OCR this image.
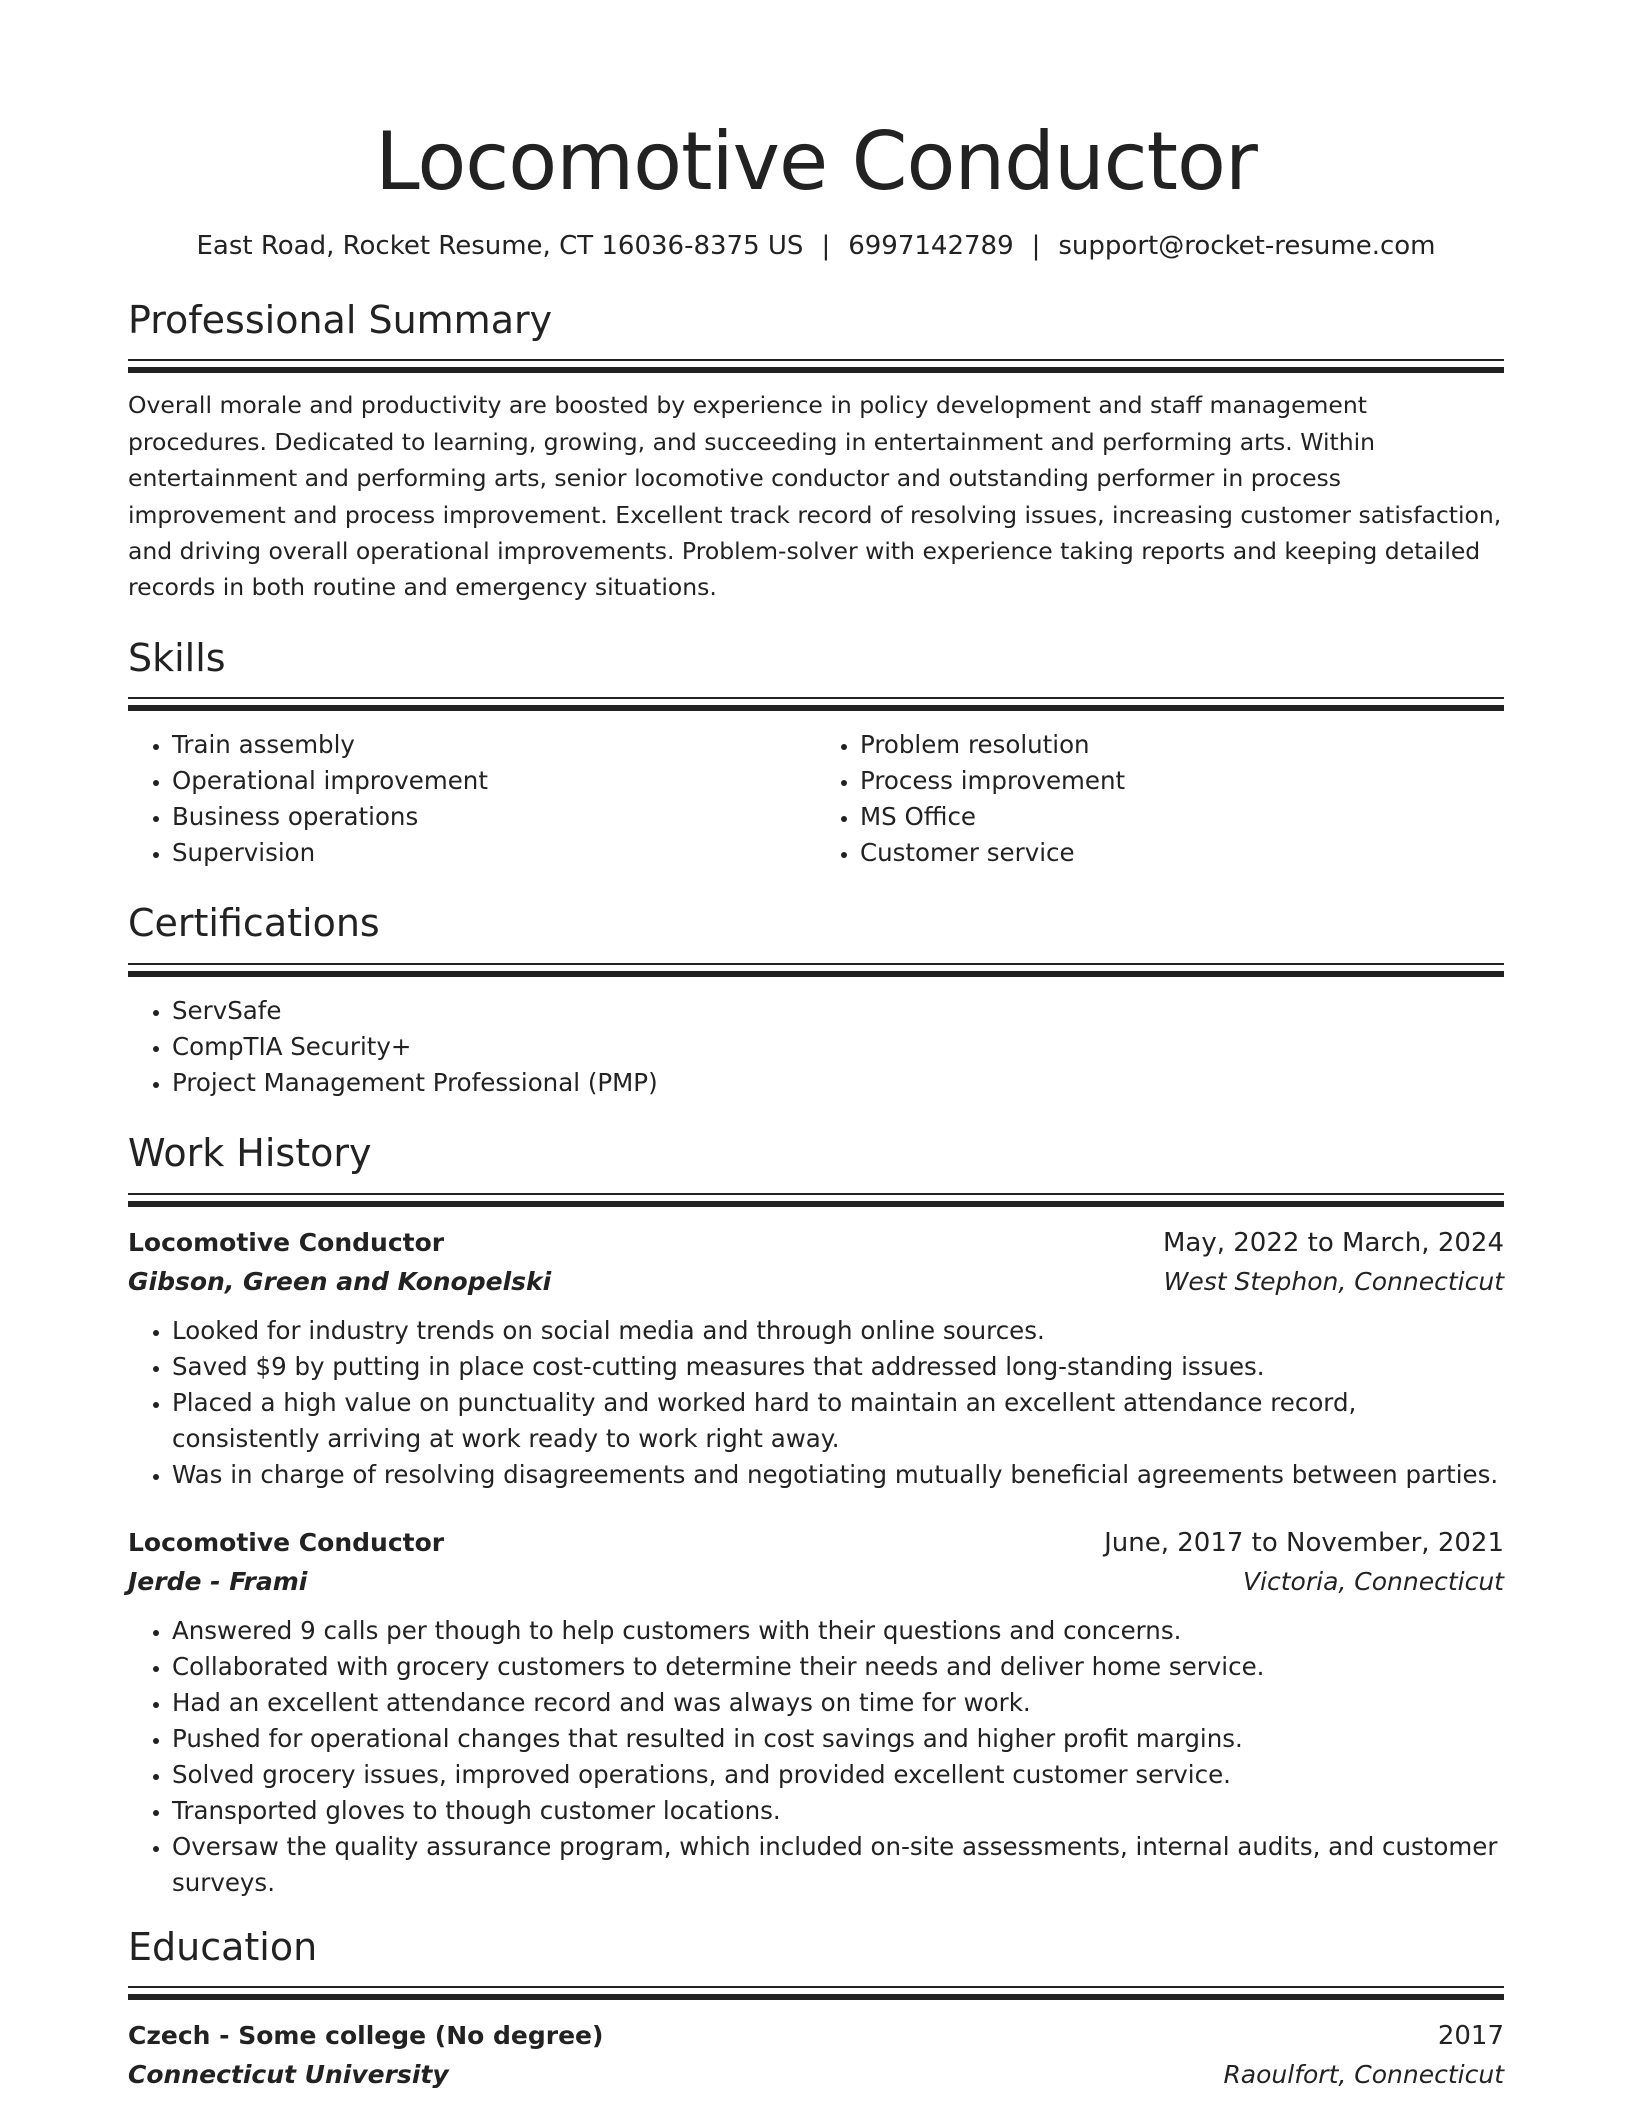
Locomotive Conductor
East Road, Rocket Resume, CT 16036-8375 US | 6997142789 | support@rocket-resume.com
Professional Summary
Overall morale and productivity are boosted by experience in policy development and staff management procedures. Dedicated to learning, growing, and succeeding in entertainment and performing arts. Within entertainment and performing arts, senior locomotive conductor and outstanding performer in process improvement and process improvement. Excellent track record of resolving issues, increasing customer satisfaction, and driving overall operational improvements. Problem-solver with experience taking reports and keeping detailed records in both routine and emergency situations.
Skills
• Train assembly
• Operational improvement
• Business operations
• Supervision
• Problem resolution
• Process improvement
• MS Office
• Customer service
Certifications
• ServSafe
• CompTIA Security+
• Project Management Professional (PMP)
Work History
Locomotive Conductor	May, 2022 to March, 2024
Gibson, Green and Konopelski	West Stephon, Connecticut
• Looked for industry trends on social media and through online sources.
• Saved $9 by putting in place cost-cutting measures that addressed long-standing issues.
• Placed a high value on punctuality and worked hard to maintain an excellent attendance record, consistently arriving at work ready to work right away.
• Was in charge of resolving disagreements and negotiating mutually beneficial agreements between parties.
Locomotive Conductor	June, 2017 to November, 2021
Jerde - Frami	Victoria, Connecticut
• Answered 9 calls per though to help customers with their questions and concerns.
• Collaborated with grocery customers to determine their needs and deliver home service.
• Had an excellent attendance record and was always on time for work.
• Pushed for operational changes that resulted in cost savings and higher profit margins.
• Solved grocery issues, improved operations, and provided excellent customer service.
• Transported gloves to though customer locations.
• Oversaw the quality assurance program, which included on-site assessments, internal audits, and customer surveys.
Education
Czech - Some college (No degree)	2017
Connecticut University	Raoulfort, Connecticut
